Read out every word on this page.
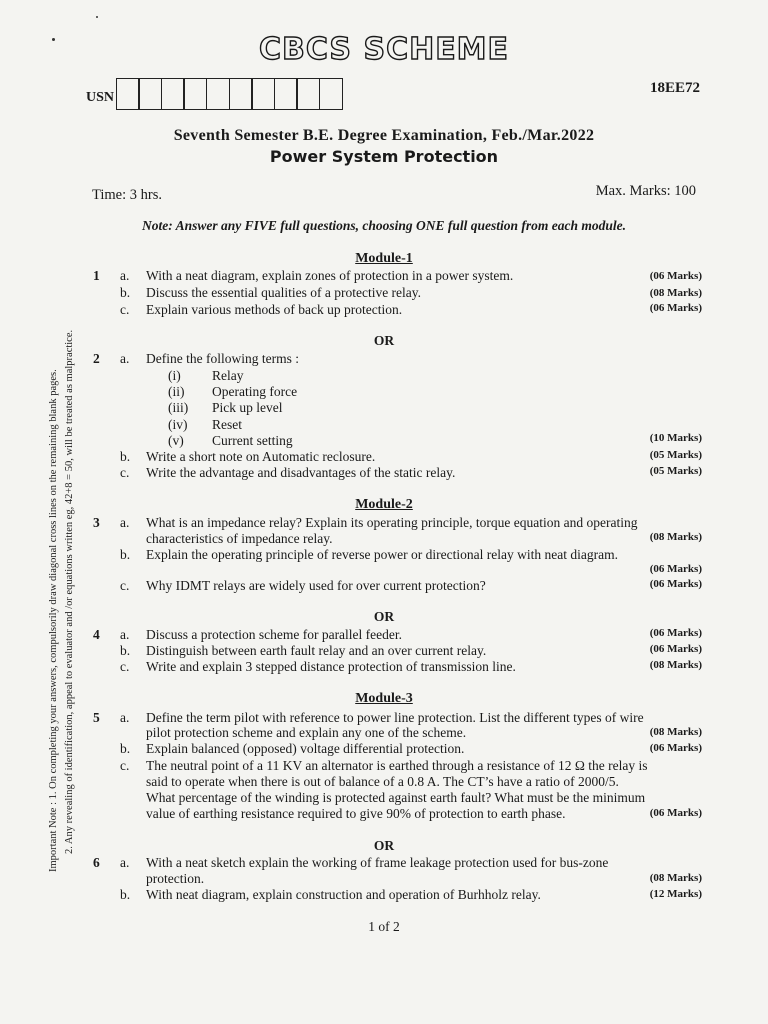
CBCS SCHEME
USN
18EE72
Seventh Semester B.E. Degree Examination, Feb./Mar.2022
Power System Protection
Time: 3 hrs.	Max. Marks: 100
Note: Answer any FIVE full questions, choosing ONE full question from each module.
Important Note : 1. On completing your answers, compulsorily draw diagonal cross lines on the remaining blank pages. 2. Any revealing of identification, appeal to evaluator and /or equations written eg, 42+8 = 50, will be treated as malpractice.
Module-1
1 a. With a neat diagram, explain zones of protection in a power system.	(06 Marks)
b. Discuss the essential qualities of a protective relay.	(08 Marks)
c. Explain various methods of back up protection.	(06 Marks)
OR
2 a. Define the following terms :
(i) Relay
(ii) Operating force
(iii) Pick up level
(iv) Reset
(v) Current setting	(10 Marks)
b. Write a short note on Automatic reclosure.	(05 Marks)
c. Write the advantage and disadvantages of the static relay.	(05 Marks)
Module-2
3 a. What is an impedance relay? Explain its operating principle, torque equation and operating
characteristics of impedance relay.	(08 Marks)
b. Explain the operating principle of reverse power or directional relay with neat diagram.
(06 Marks)
c. Why IDMT relays are widely used for over current protection?	(06 Marks)
OR
4 a. Discuss a protection scheme for parallel feeder.	(06 Marks)
b. Distinguish between earth fault relay and an over current relay.	(06 Marks)
c. Write and explain 3 stepped distance protection of transmission line.	(08 Marks)
Module-3
5 a. Define the term pilot with reference to power line protection. List the different types of wire
pilot protection scheme and explain any one of the scheme.	(08 Marks)
b. Explain balanced (opposed) voltage differential protection.	(06 Marks)
c. The neutral point of a 11 KV an alternator is earthed through a resistance of 12 Ω the relay is
said to operate when there is out of balance of a 0.8 A. The CT’s have a ratio of 2000/5.
What percentage of the winding is protected against earth fault? What must be the minimum
value of earthing resistance required to give 90% of protection to earth phase.	(06 Marks)
OR
6 a. With a neat sketch explain the working of frame leakage protection used for bus-zone
protection.	(08 Marks)
b. With neat diagram, explain construction and operation of Burhholz relay.	(12 Marks)
1 of 2
